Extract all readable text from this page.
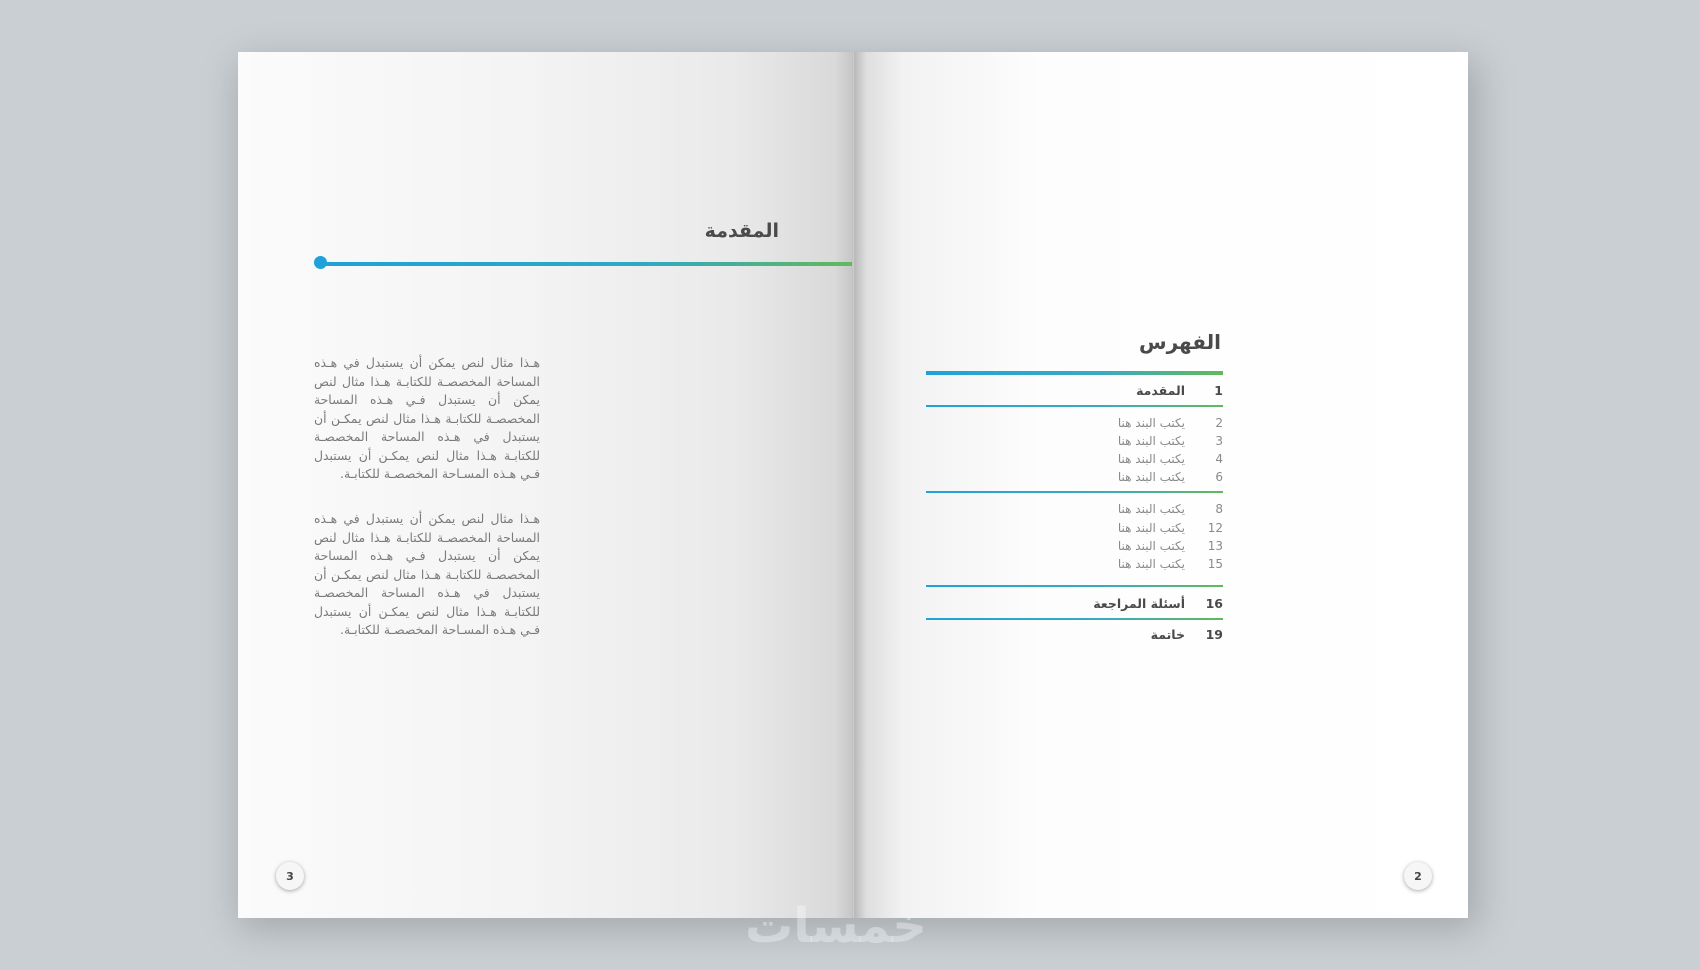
المقدمة

هـذا مثال لنص يمكن أن يستبدل في هـذه المساحة المخصصـة للكتابـة هـذا مثال لنص يمكن أن يستبدل فـي هـذه المساحة المخصصـة للكتابـة هـذا مثال لنص يمكـن أن يستبدل في هـذه المساحة المخصصـة للكتابـة هـذا مثال لنص يمكـن أن يستبدل فـي هـذه المسـاحة المخصصـة للكتابـة.

هـذا مثال لنص يمكن أن يستبدل في هـذه المساحة المخصصـة للكتابـة هـذا مثال لنص يمكن أن يستبدل فـي هـذه المساحة المخصصـة للكتابـة هـذا مثال لنص يمكـن أن يستبدل في هـذه المساحة المخصصـة للكتابـة هـذا مثال لنص يمكـن أن يستبدل فـي هـذه المسـاحة المخصصـة للكتابـة.

3
الفهرس
المقدمة 1
يكتب البند هنا	2
يكتب البند هنا	3
يكتب البند هنا	4
يكتب البند هنا	6
يكتب البند هنا	8
يكتب البند هنا 12
يكتب البند هنا 13
يكتب البند هنا 15
أسئلة المراجعة 16
خاتمة 19
2
خمسات
